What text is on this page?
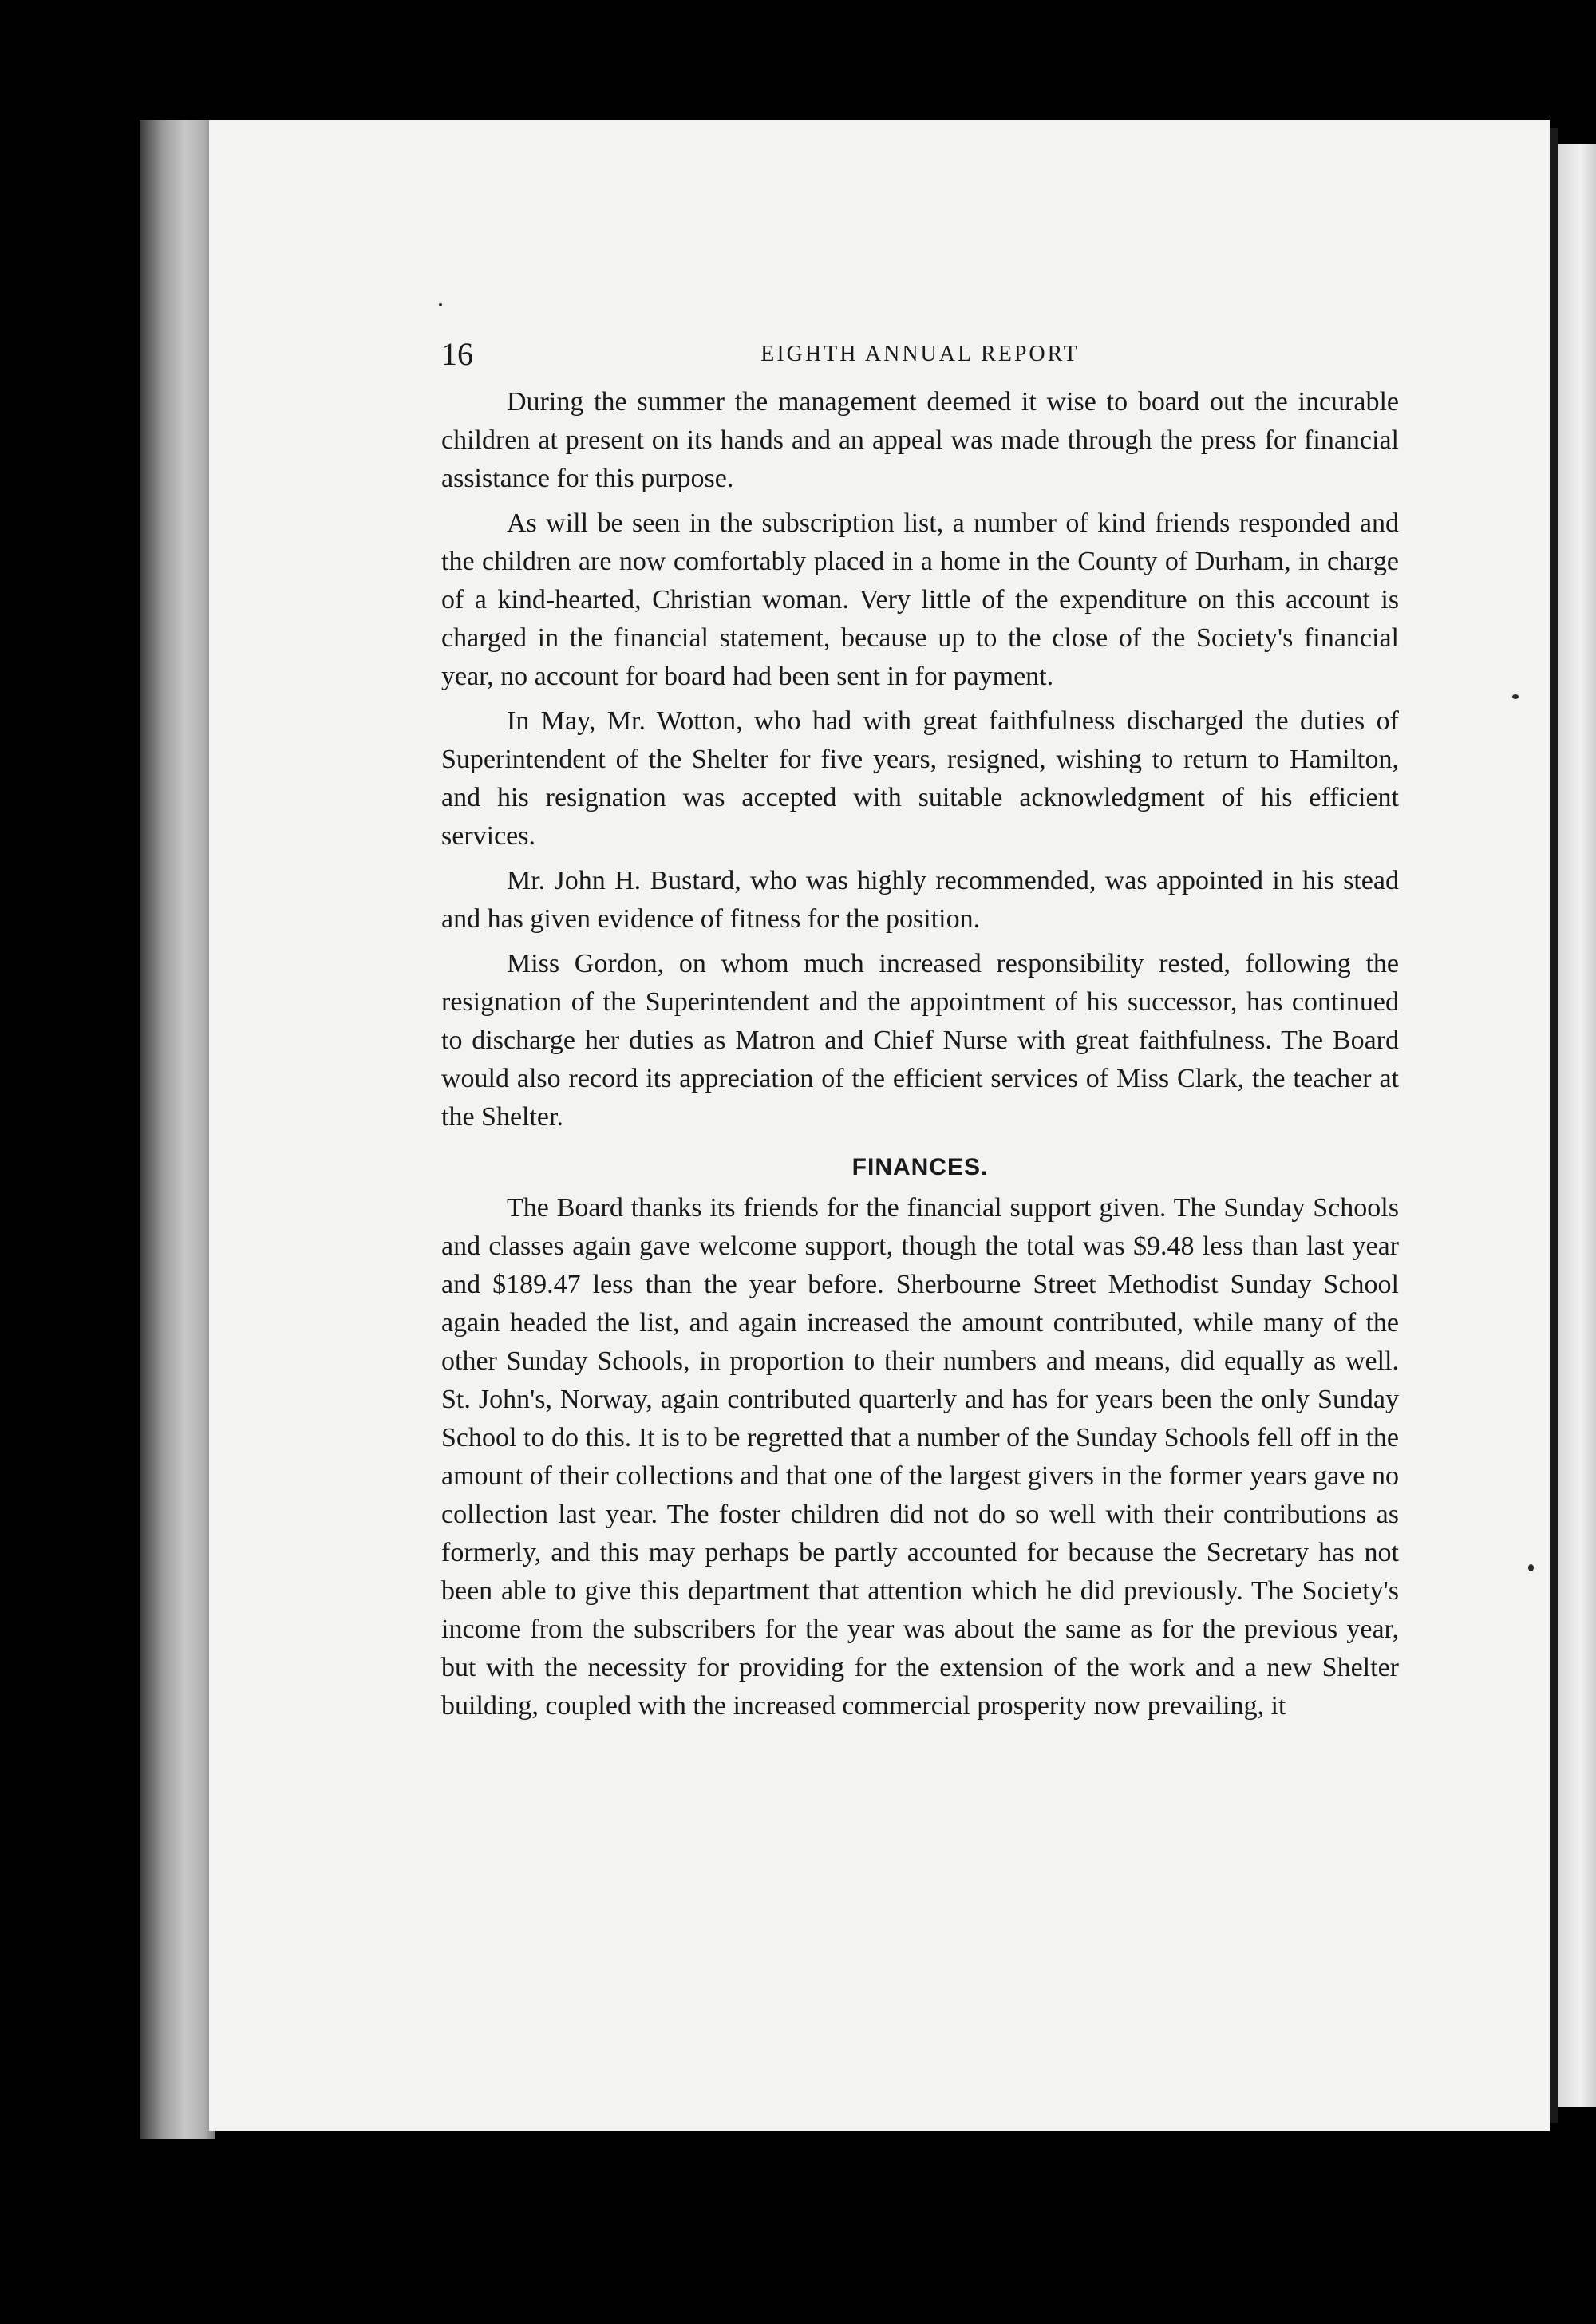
16	EIGHTH ANNUAL REPORT

During the summer the management deemed it wise to board out the incurable children at present on its hands and an appeal was made through the press for financial assistance for this purpose.

As will be seen in the subscription list, a number of kind friends responded and the children are now comfortably placed in a home in the County of Durham, in charge of a kind-hearted, Christian woman. Very little of the expenditure on this account is charged in the financial statement, because up to the close of the Society's financial year, no account for board had been sent in for payment.

In May, Mr. Wotton, who had with great faithfulness discharged the duties of Superintendent of the Shelter for five years, resigned, wishing to return to Hamilton, and his resignation was accepted with suitable acknowledgment of his efficient services.

Mr. John H. Bustard, who was highly recommended, was appointed in his stead and has given evidence of fitness for the position.

Miss Gordon, on whom much increased responsibility rested, following the resignation of the Superintendent and the appointment of his successor, has continued to discharge her duties as Matron and Chief Nurse with great faithfulness. The Board would also record its appreciation of the efficient services of Miss Clark, the teacher at the Shelter.

FINANCES.

The Board thanks its friends for the financial support given. The Sunday Schools and classes again gave welcome support, though the total was $9.48 less than last year and $189.47 less than the year before. Sherbourne Street Methodist Sunday School again headed the list, and again increased the amount contributed, while many of the other Sunday Schools, in proportion to their numbers and means, did equally as well. St. John's, Norway, again contributed quarterly and has for years been the only Sunday School to do this. It is to be regretted that a number of the Sunday Schools fell off in the amount of their collections and that one of the largest givers in the former years gave no collection last year. The foster children did not do so well with their contributions as formerly, and this may perhaps be partly accounted for because the Secretary has not been able to give this department that attention which he did previously. The Society's income from the subscribers for the year was about the same as for the previous year, but with the necessity for providing for the extension of the work and a new Shelter building, coupled with the increased commercial prosperity now prevailing, it
